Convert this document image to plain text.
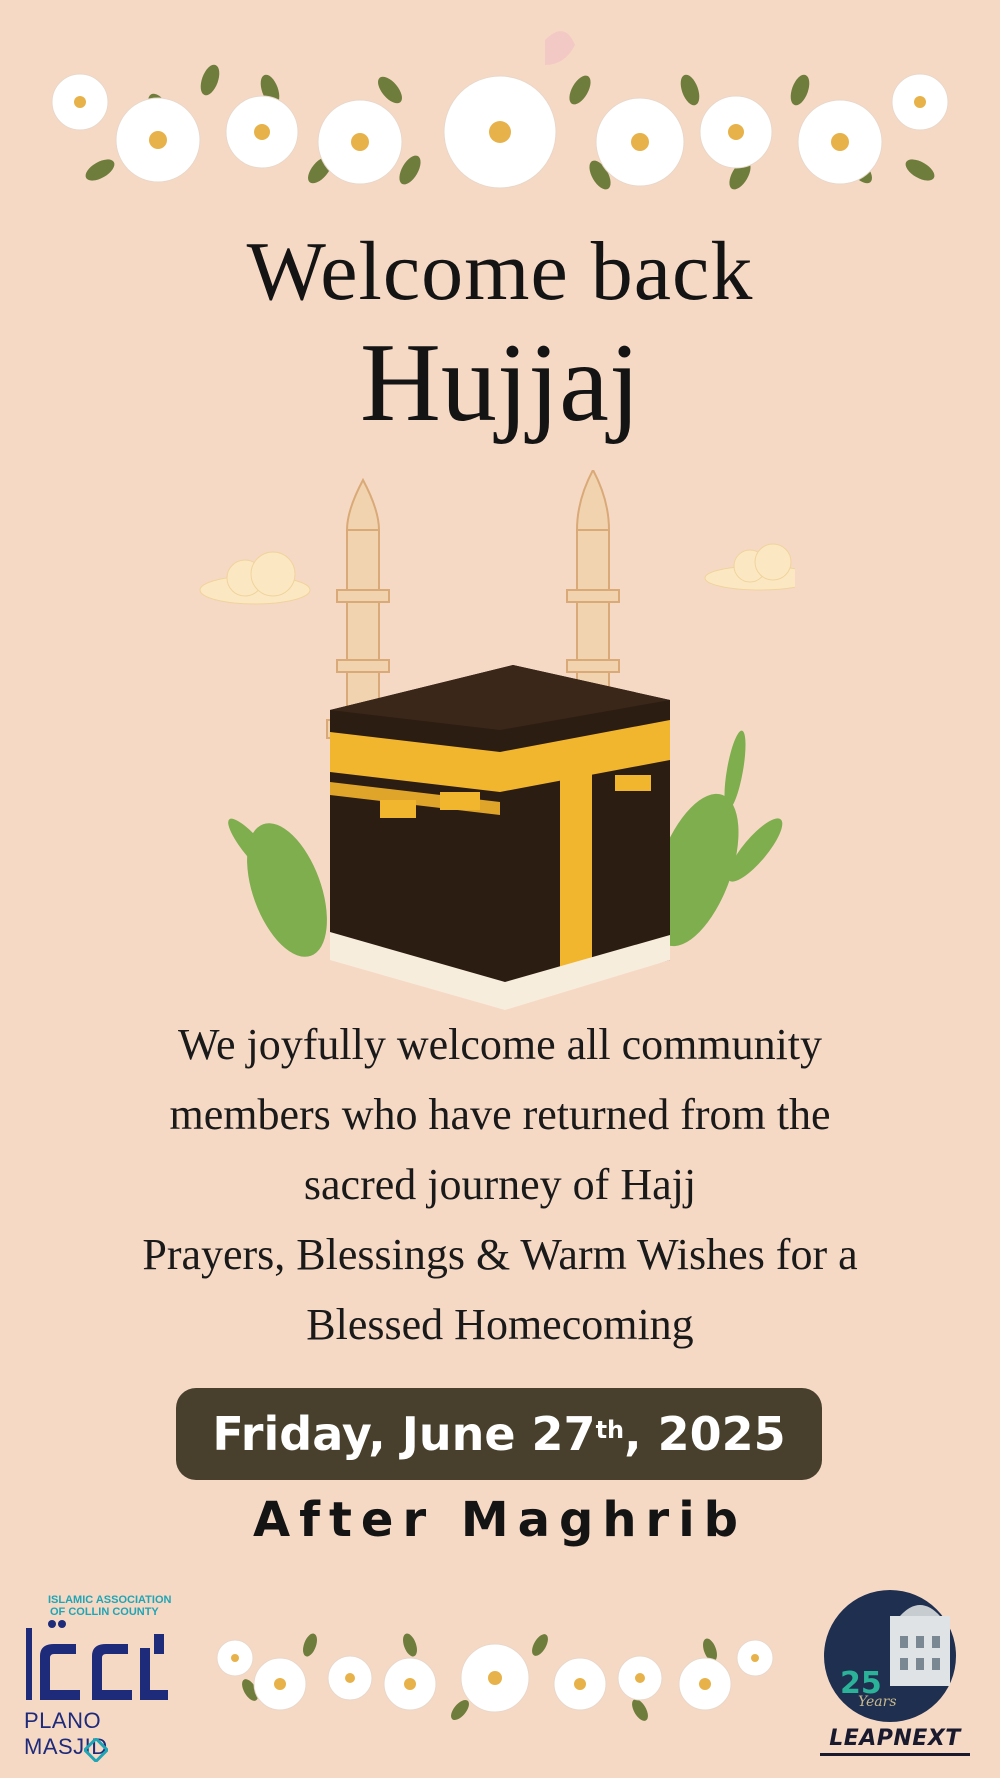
Welcome back
Hujjaj
We joyfully welcome all community
members who have returned from the
sacred journey of Hajj
Prayers, Blessings & Warm Wishes for a
Blessed Homecoming
Friday, June 27th , 2025
After Maghrib
ISLAMIC ASSOCIATION
OF COLLIN COUNTY
PLANO MASJID
25
Years
LEAPNEXT
